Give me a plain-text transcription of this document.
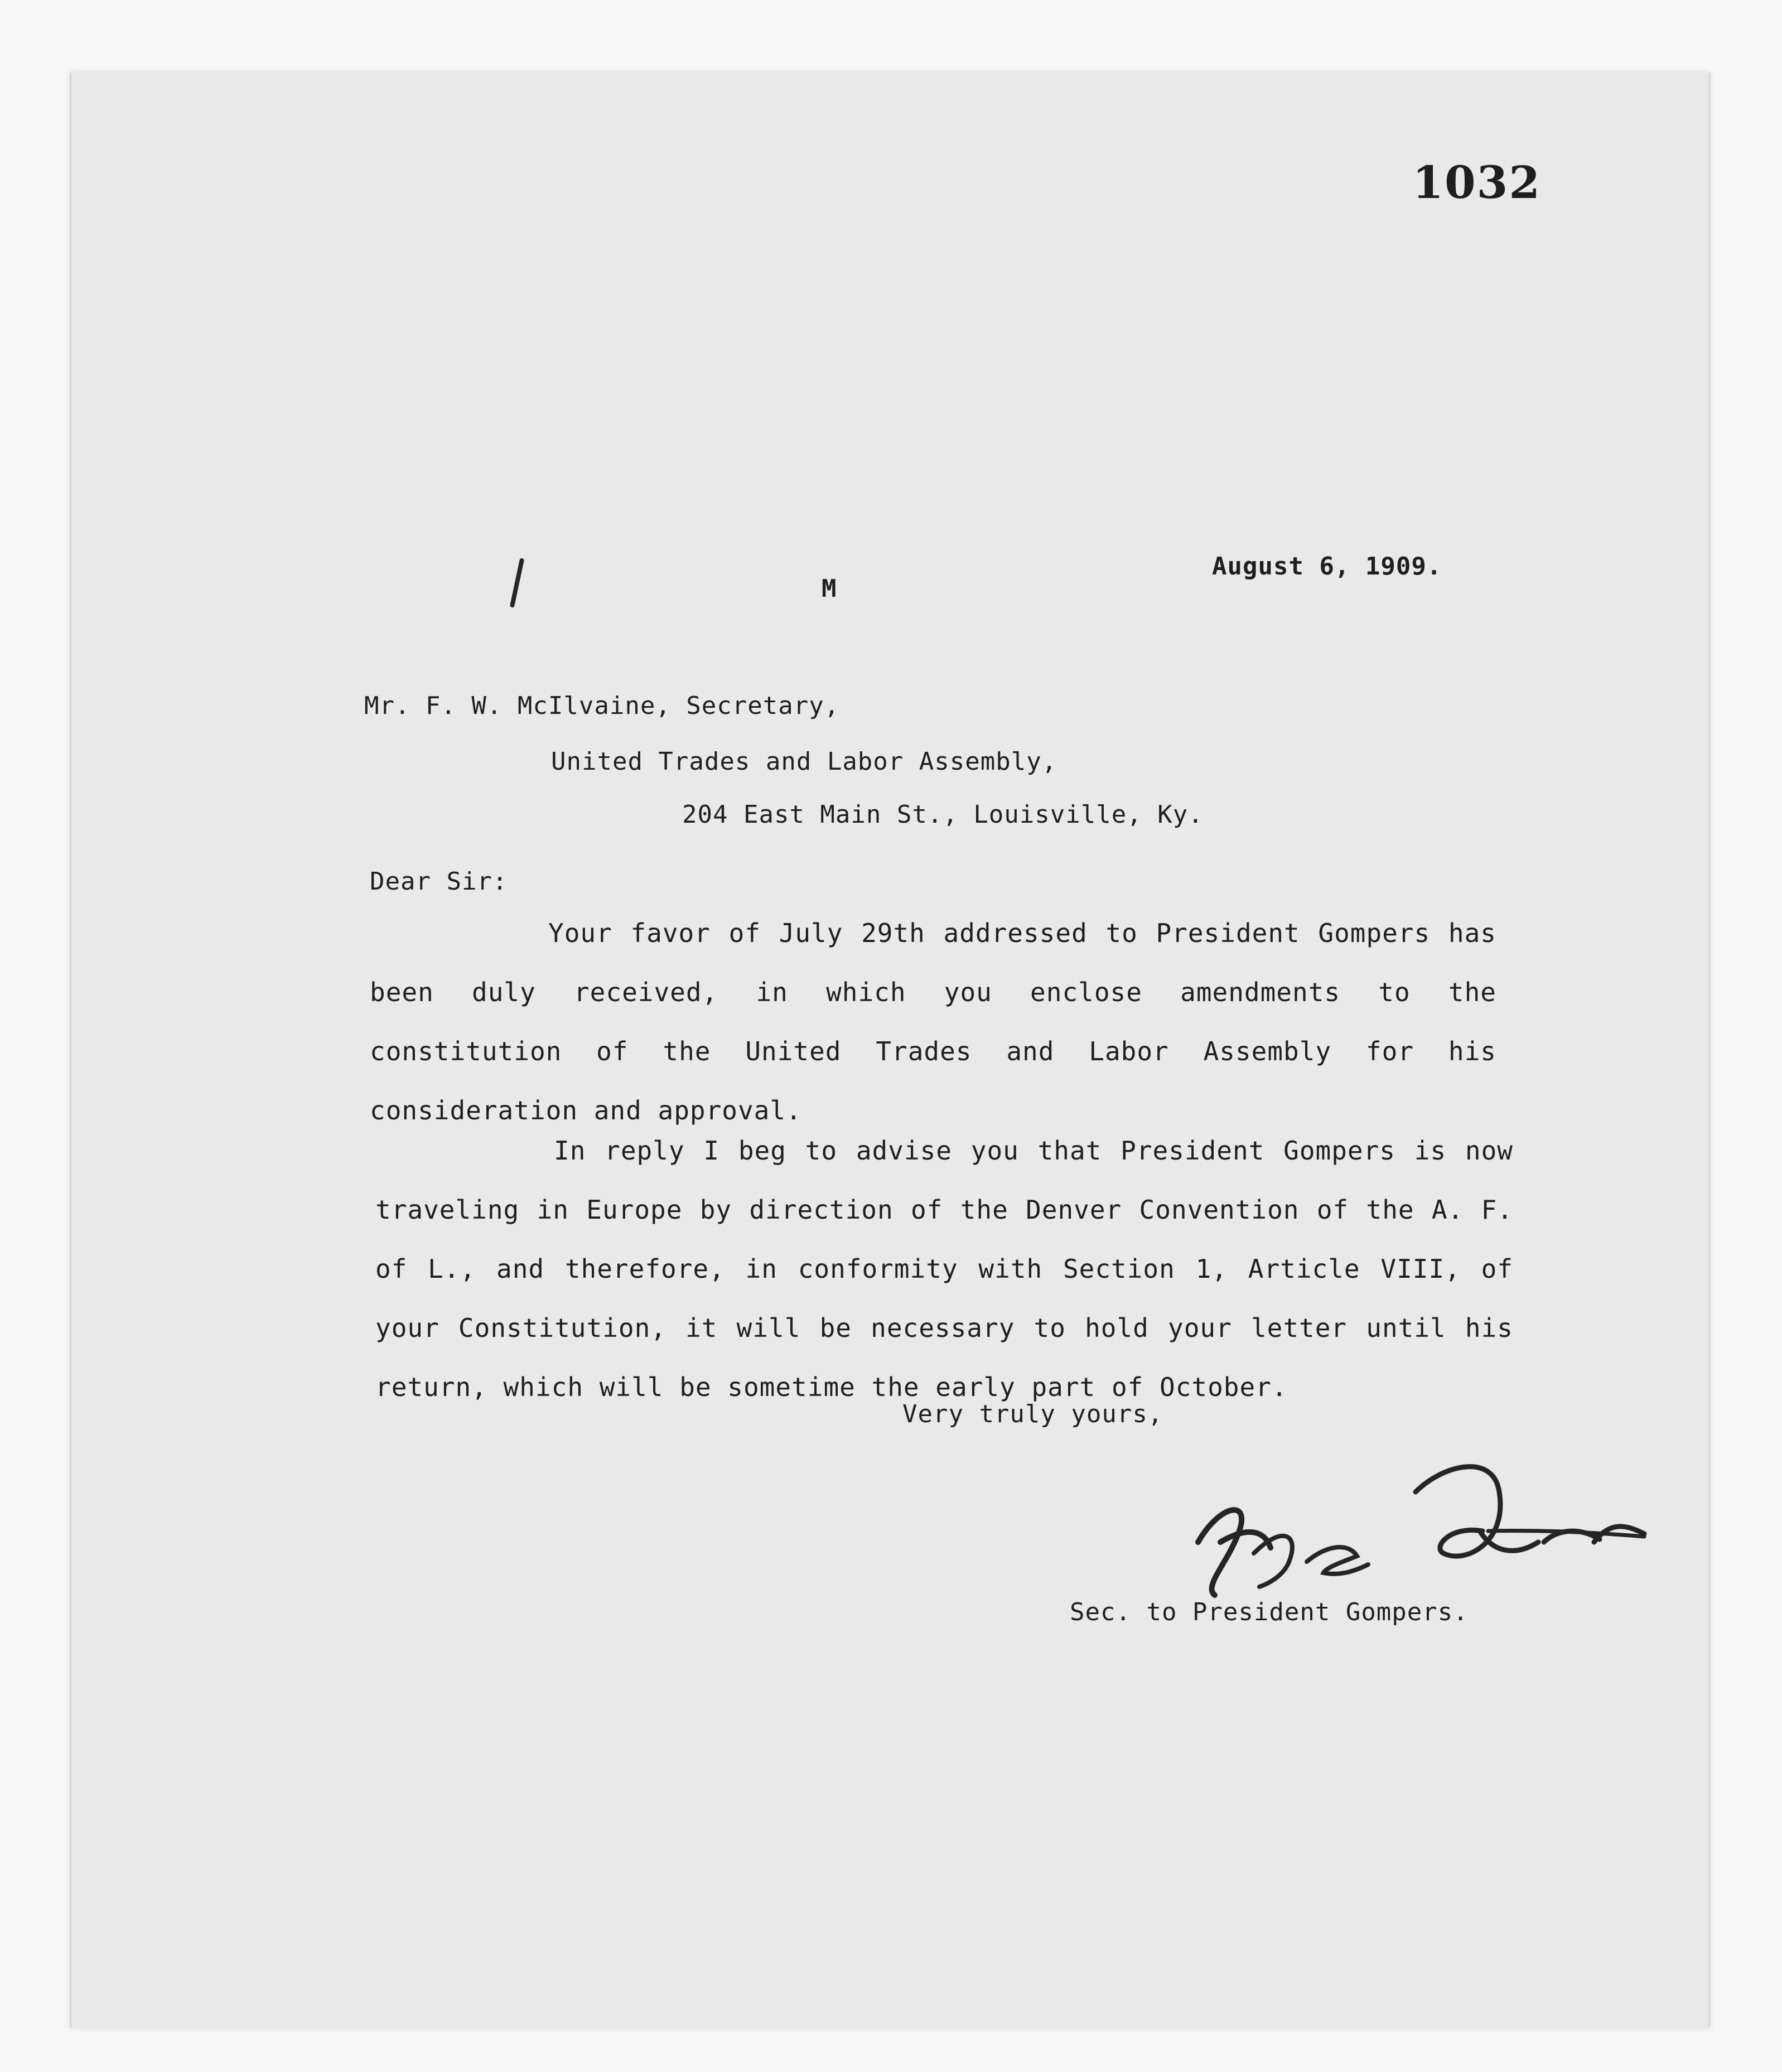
1032
M
August 6, 1909.
Mr. F. W. McIlvaine, Secretary,
United Trades and Labor Assembly,
204 East Main St., Louisville, Ky.
Dear Sir:
Your favor of July 29th addressed to President Gompers has been duly received, in which you enclose amendments to the constitution of the United Trades and Labor Assembly for his consideration and approval.
In reply I beg to advise you that President Gompers is now traveling in Europe by direction of the Denver Convention of the A. F. of L., and therefore, in conformity with Section 1, Article VIII, of your Constitution, it will be necessary to hold your letter until his return, which will be sometime the early part of October.
Very truly yours,
Sec. to President Gompers.
